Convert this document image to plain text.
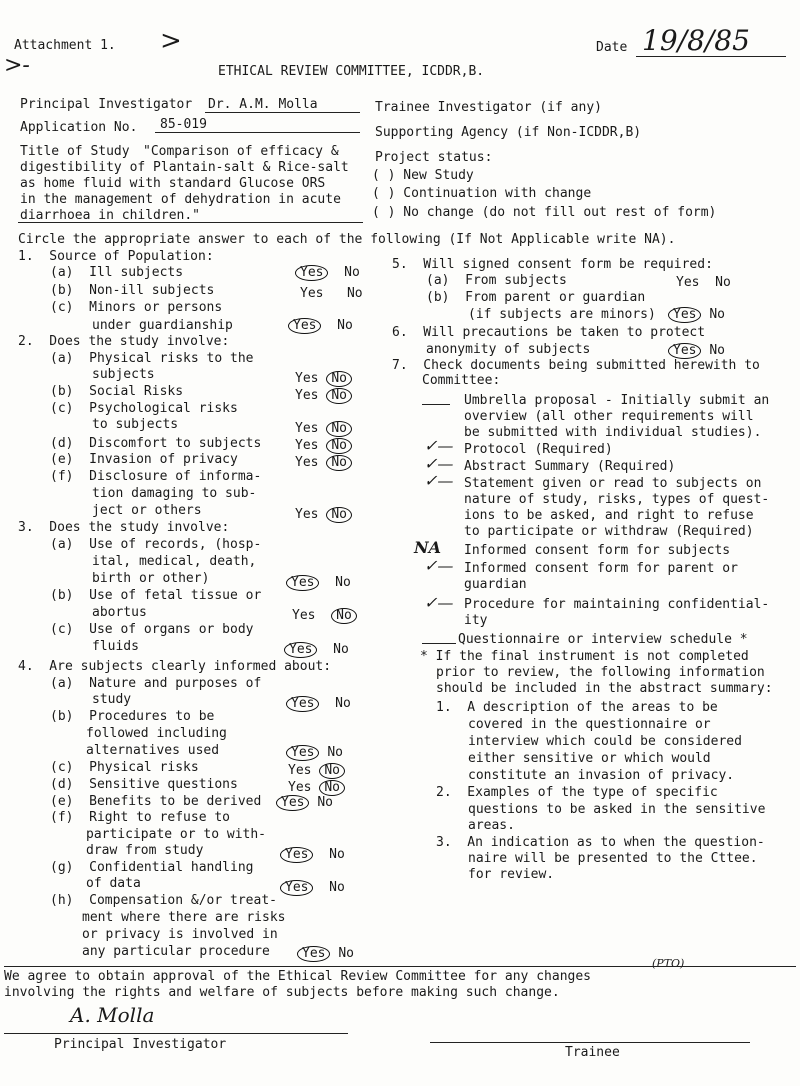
Attachment 1. >
>-
Date 19/8/85
ETHICAL REVIEW COMMITTEE, ICDDR,B.
Principal Investigator Dr. A.M. Molla	Trainee Investigator (if any)
Application No. 85-019
Supporting Agency (if Non-ICDDR,B)
Title of Study "Comparison of efficacy &
digestibility of Plantain-salt & Rice-salt
as home fluid with standard Glucose ORS
in the management of dehydration in acute
diarrhoea in children."
Project status:
( ) New Study
( ) Continuation with change
( ) No change (do not fill out rest of form)
Circle the appropriate answer to each of the following (If Not Applicable write NA).
1.  Source of Population:
(a)  Ill subjects	Yes No
(b)  Non-ill subjects	Yes No
(c)  Minors or persons
under guardianship	Yes No
2.  Does the study involve:
(a)  Physical risks to the
subjects	Yes No
(b)  Social Risks	Yes No
(c)  Psychological risks
to subjects	Yes No
(d)  Discomfort to subjects	Yes No
(e)  Invasion of privacy	Yes No
(f)  Disclosure of informa-
tion damaging to sub-
ject or others	Yes No
3.  Does the study involve:
(a)  Use of records, (hosp-
ital, medical, death,
birth or other)	Yes No
(b)  Use of fetal tissue or
abortus	Yes No
(c)  Use of organs or body
fluids	Yes No
4.  Are subjects clearly informed about:
(a)  Nature and purposes of
study	Yes No
(b)  Procedures to be
followed including
alternatives used	Yes No
(c)  Physical risks	Yes No
(d)  Sensitive questions	Yes No
(e)  Benefits to be derived	Yes No
(f)  Right to refuse to
participate or to with-
draw from study	Yes No
(g)  Confidential handling
of data	Yes No
(h)  Compensation &/or treat-
ment where there are risks
or privacy is involved in
any particular procedure	Yes No
5.  Will signed consent form be required:
(a)  From subjects	Yes No
(b)  From parent or guardian
(if subjects are minors)	Yes No
6.  Will precautions be taken to protect
anonymity of subjects	Yes No
7.  Check documents being submitted herewith to
Committee:
Umbrella proposal - Initially submit an
overview (all other requirements will
be submitted with individual studies).
✓— Protocol (Required)
✓— Abstract Summary (Required)
✓— Statement given or read to subjects on
nature of study, risks, types of quest-
ions to be asked, and right to refuse
to participate or withdraw (Required)
NA Informed consent form for subjects
✓— Informed consent form for parent or
guardian
✓— Procedure for maintaining confidential-
ity
Questionnaire or interview schedule *
* If the final instrument is not completed
prior to review, the following information
should be included in the abstract summary:
1.  A description of the areas to be
covered in the questionnaire or
interview which could be considered
either sensitive or which would
constitute an invasion of privacy.
2.  Examples of the type of specific
questions to be asked in the sensitive
areas.
3.  An indication as to when the question-
naire will be presented to the Cttee.
for review.
(PTO)
We agree to obtain approval of the Ethical Review Committee for any changes
involving the rights and welfare of subjects before making such change.
A. Molla
Principal Investigator
Trainee
